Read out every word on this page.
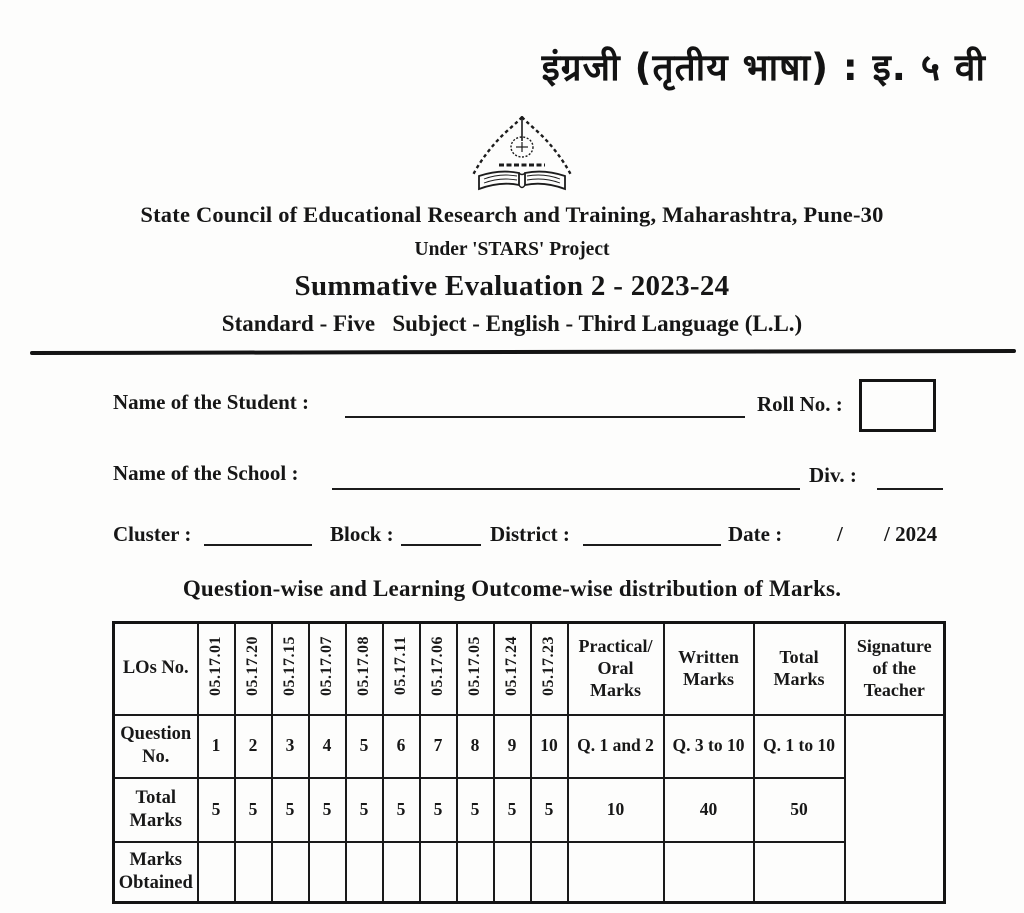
इंग्रजी (तृतीय भाषा) : इ. ५ वी
State Council of Educational Research and Training, Maharashtra, Pune-30
Under 'STARS' Project
Summative Evaluation 2 - 2023-24
Standard - Five   Subject - English - Third Language (L.L.)
Name of the Student :	Roll No. :
Name of the School :	Div. :
Cluster :	Block :	District :	Date :	/ / 2024
Question-wise and Learning Outcome-wise distribution of Marks.
LOs No.	05.17.01	05.17.20	05.17.15	05.17.07	05.17.08	05.17.11	05.17.06	05.17.05	05.17.24	05.17.23	Practical/ Oral Marks	Written Marks	Total Marks	Signature of the Teacher
Question No.	1	2	3	4	5	6	7	8	9	10	Q. 1 and 2	Q. 3 to 10	Q. 1 to 10	
Total Marks	5	5	5	5	5	5	5	5	5	5	10	40	50	
Marks Obtained														
